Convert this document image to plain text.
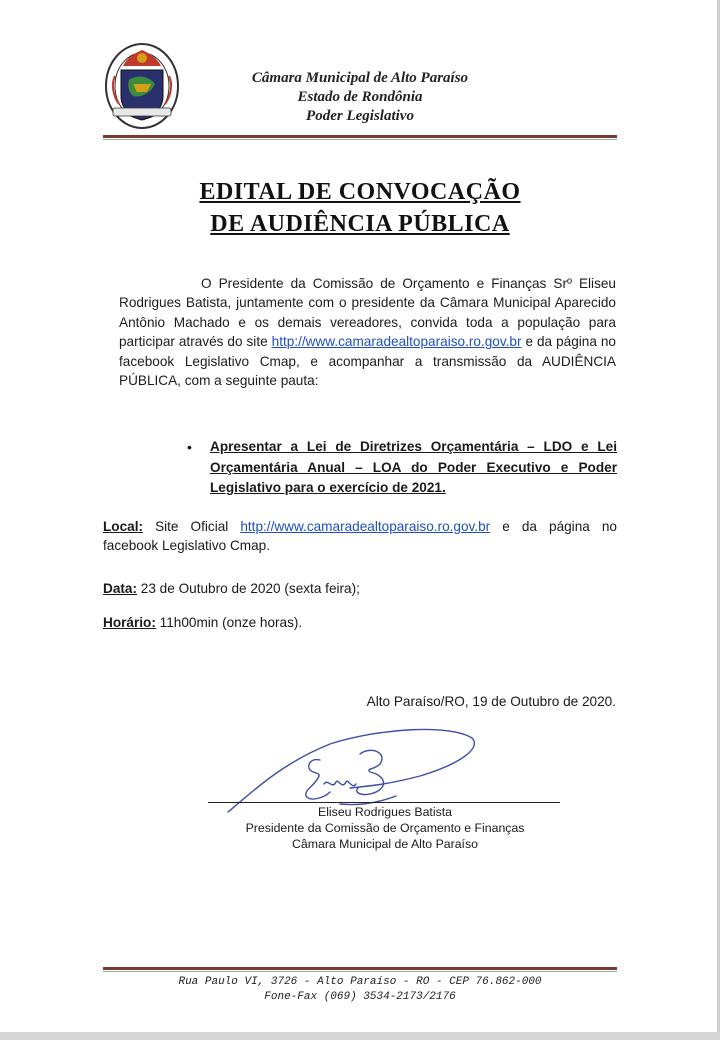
Câmara Municipal de Alto Paraíso
Estado de Rondônia
Poder Legislativo
EDITAL DE CONVOCAÇÃO
DE AUDIÊNCIA PÚBLICA
O Presidente da Comissão de Orçamento e Finanças Srº Eliseu Rodrigues Batista, juntamente com o presidente da Câmara Municipal Aparecido Antônio Machado e os demais vereadores, convida toda a população para participar através do site http://www.camaradealtoparaiso.ro.gov.br e da página no facebook Legislativo Cmap, e acompanhar a transmissão da AUDIÊNCIA PÚBLICA, com a seguinte pauta:
• Apresentar a Lei de Diretrizes Orçamentária – LDO e Lei Orçamentária Anual – LOA do Poder Executivo e Poder Legislativo para o exercício de 2021.
Local: Site Oficial http://www.camaradealtoparaiso.ro.gov.br e da página no facebook Legislativo Cmap.
Data: 23 de Outubro de 2020 (sexta feira);
Horário: 11h00min (onze horas).
Alto Paraíso/RO, 19 de Outubro de 2020.
Eliseu Rodrigues Batista
Presidente da Comissão de Orçamento e Finanças
Câmara Municipal de Alto Paraíso
Rua Paulo VI, 3726 - Alto Paraíso - RO - CEP 76.862-000
Fone-Fax (069) 3534-2173/2176
